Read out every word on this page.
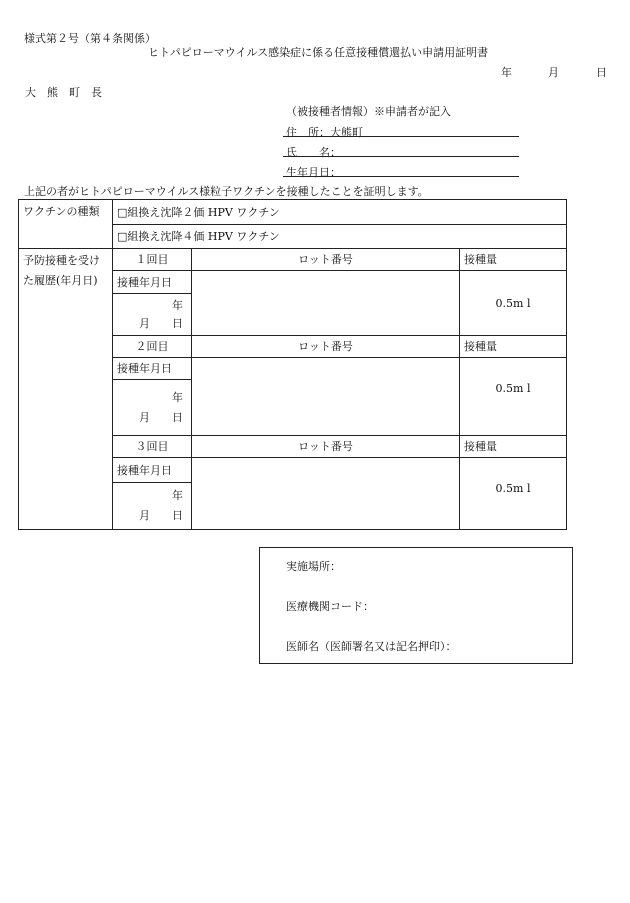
様式第２号（第４条関係）
ヒトパピローマウイルス感染症に係る任意接種償還払い申請用証明書
年	月	日
大　熊　町　長
（被接種者情報）※申請者が記入
住　所：大熊町
氏　　名：
生年月日：
上記の者がヒトパピローマウイルス様粒子ワクチンを接種したことを証明します。
ワクチンの種類	□組換え沈降２価 HPV ワクチン		
	□組換え沈降４価 HPV ワクチン		
予防接種を受けた履歴(年月日)	１回目	ロット番号	接種量
	接種年月日		0.5m l

	年
月 日		

	２回目	ロット番号	接種量
	接種年月日		0.5m l

	年
月 日		

	３回目	ロット番号	接種量
	接種年月日		0.5m l

	年
月 日		
実施場所：
医療機関コード：
医師名（医師署名又は記名押印）：
